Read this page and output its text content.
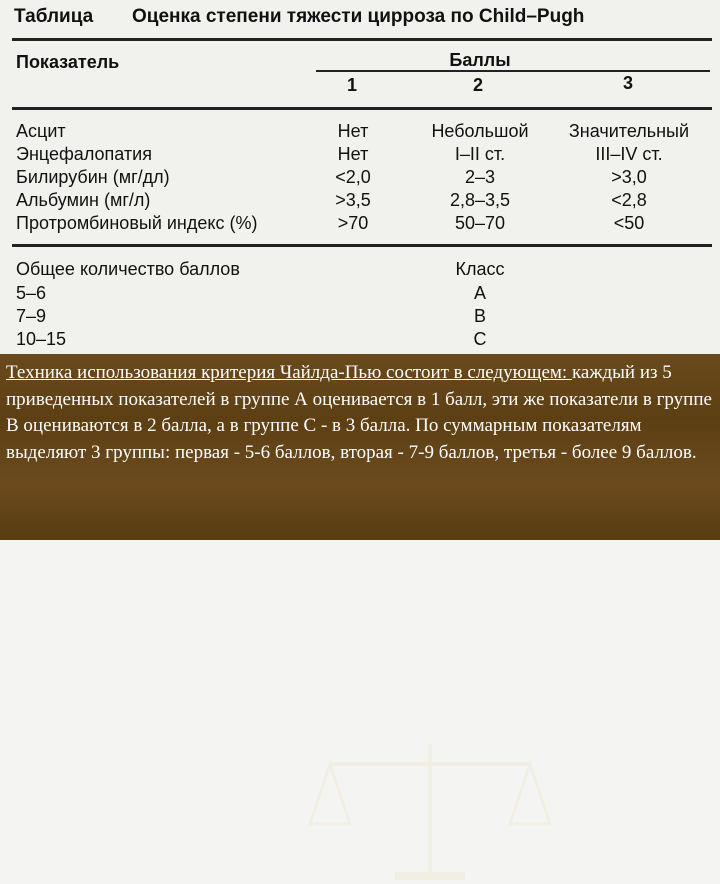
Таблица Оценка степени тяжести цирроза по Child–Pugh
Показатель	Баллы
1	2	3
Асцит	Нет	Небольшой	Значительный
Энцефалопатия	Нет	I–II ст.	III–IV ст.
Билирубин (мг/дл)	<2,0	2–3	>3,0
Альбумин (мг/л)	>3,5	2,8–3,5	<2,8
Протромбиновый индекс (%)	>70	50–70	<50
Общее количество баллов	Класс
5–6	A
7–9	B
10–15	C
Техника использования критерия Чайлда-Пью состоит в следующем: каждый из 5 приведенных показателей в группе А оценивается в 1 балл, эти же показатели в группе В оцениваются в 2 балла, а в группе С - в 3 балла. По суммарным показателям выделяют 3 группы: первая - 5-6 баллов, вторая - 7-9 баллов, третья - более 9 баллов.
